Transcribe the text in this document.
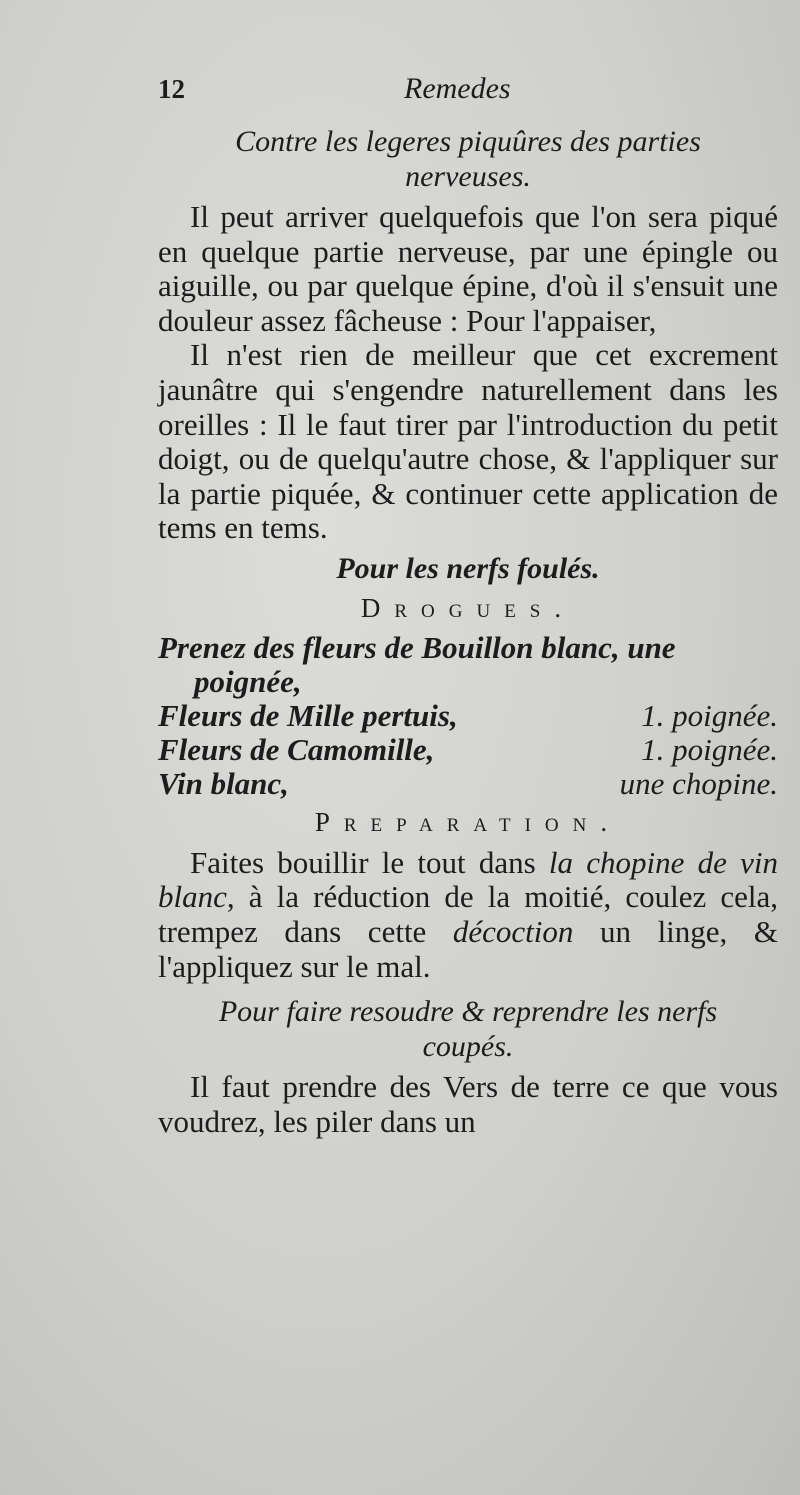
12	Remedes

Contre les legeres piquûres des parties
nerveuses.

Il peut arriver quelquefois que l'on sera piqué en quelque partie nerveuse, par une épingle ou aiguille, ou par quelque épine, d'où il s'ensuit une douleur assez fâcheuse : Pour l'appaiser,

Il n'est rien de meilleur que cet excrement jaunâtre qui s'engendre naturellement dans les oreilles : Il le faut tirer par l'introduction du petit doigt, ou de quelqu'autre chose, & l'appliquer sur la partie piquée, & continuer cette application de tems en tems.

Pour les nerfs foulés.

Drogues.

Prenez des fleurs de Bouillon blanc, une
poignée,
Fleurs de Mille pertuis,	1. poignée.
Fleurs de Camomille,	1. poignée.
Vin blanc,	une chopine.

Preparation.

Faites bouillir le tout dans la chopine de vin blanc, à la réduction de la moitié, coulez cela, trempez dans cette décoction un linge, & l'appliquez sur le mal.

Pour faire resoudre & reprendre les nerfs
coupés.

Il faut prendre des Vers de terre ce que vous voudrez, les piler dans un
